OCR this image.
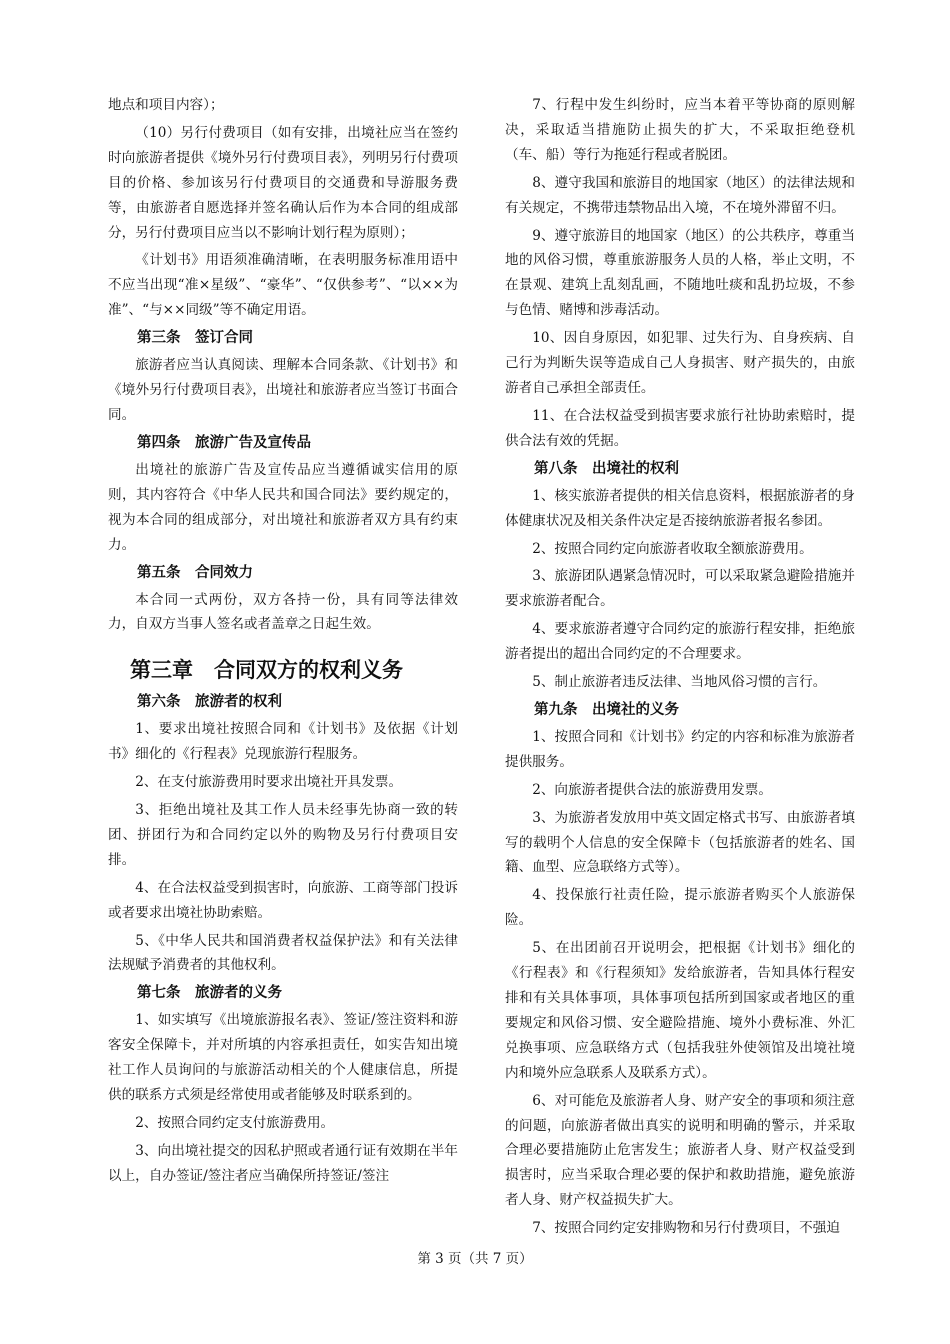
地点和项目内容）；

（10）另行付费项目（如有安排，出境社应当在签约时向旅游者提供《境外另行付费项目表》，列明另行付费项目的价格、参加该另行付费项目的交通费和导游服务费等，由旅游者自愿选择并签名确认后作为本合同的组成部分，另行付费项目应当以不影响计划行程为原则）；

《计划书》用语须准确清晰，在表明服务标准用语中不应当出现“准×星级”、“豪华”、“仅供参考”、“以××为准”、“与××同级”等不确定用语。

第三条　签订合同

旅游者应当认真阅读、理解本合同条款、《计划书》和《境外另行付费项目表》，出境社和旅游者应当签订书面合同。

第四条　旅游广告及宣传品

出境社的旅游广告及宣传品应当遵循诚实信用的原则，其内容符合《中华人民共和国合同法》要约规定的，视为本合同的组成部分，对出境社和旅游者双方具有约束力。

第五条　合同效力

本合同一式两份，双方各持一份，具有同等法律效力，自双方当事人签名或者盖章之日起生效。

第三章　合同双方的权利义务
第六条　旅游者的权利

1、要求出境社按照合同和《计划书》及依据《计划书》细化的《行程表》兑现旅游行程服务。

2、在支付旅游费用时要求出境社开具发票。

3、拒绝出境社及其工作人员未经事先协商一致的转团、拼团行为和合同约定以外的购物及另行付费项目安排。

4、在合法权益受到损害时，向旅游、工商等部门投诉或者要求出境社协助索赔。

5、《中华人民共和国消费者权益保护法》和有关法律法规赋予消费者的其他权利。

第七条　旅游者的义务

1、如实填写《出境旅游报名表》、签证/签注资料和游客安全保障卡，并对所填的内容承担责任，如实告知出境社工作人员询问的与旅游活动相关的个人健康信息，所提供的联系方式须是经常使用或者能够及时联系到的。

2、按照合同约定支付旅游费用。

3、向出境社提交的因私护照或者通行证有效期在半年以上，自办签证/签注者应当确保所持签证/签注

7、行程中发生纠纷时，应当本着平等协商的原则解决，采取适当措施防止损失的扩大，不采取拒绝登机（车、船）等行为拖延行程或者脱团。

8、遵守我国和旅游目的地国家（地区）的法律法规和有关规定，不携带违禁物品出入境，不在境外滞留不归。

9、遵守旅游目的地国家（地区）的公共秩序，尊重当地的风俗习惯，尊重旅游服务人员的人格，举止文明，不在景观、建筑上乱刻乱画，不随地吐痰和乱扔垃圾，不参与色情、赌博和涉毒活动。

10、因自身原因，如犯罪、过失行为、自身疾病、自己行为判断失误等造成自己人身损害、财产损失的，由旅游者自己承担全部责任。

11、在合法权益受到损害要求旅行社协助索赔时，提供合法有效的凭据。

第八条　出境社的权利

1、核实旅游者提供的相关信息资料，根据旅游者的身体健康状况及相关条件决定是否接纳旅游者报名参团。

2、按照合同约定向旅游者收取全额旅游费用。

3、旅游团队遇紧急情况时，可以采取紧急避险措施并要求旅游者配合。

4、要求旅游者遵守合同约定的旅游行程安排，拒绝旅游者提出的超出合同约定的不合理要求。

5、制止旅游者违反法律、当地风俗习惯的言行。

第九条　出境社的义务

1、按照合同和《计划书》约定的内容和标准为旅游者提供服务。

2、向旅游者提供合法的旅游费用发票。

3、为旅游者发放用中英文固定格式书写、由旅游者填写的载明个人信息的安全保障卡（包括旅游者的姓名、国籍、血型、应急联络方式等）。

4、投保旅行社责任险，提示旅游者购买个人旅游保险。

5、在出团前召开说明会，把根据《计划书》细化的《行程表》和《行程须知》发给旅游者，告知具体行程安排和有关具体事项，具体事项包括所到国家或者地区的重要规定和风俗习惯、安全避险措施、境外小费标准、外汇兑换事项、应急联络方式（包括我驻外使领馆及出境社境内和境外应急联系人及联系方式）。

6、对可能危及旅游者人身、财产安全的事项和须注意的问题，向旅游者做出真实的说明和明确的警示，并采取合理必要措施防止危害发生；旅游者人身、财产权益受到损害时，应当采取合理必要的保护和救助措施，避免旅游者人身、财产权益损失扩大。

7、按照合同约定安排购物和另行付费项目，不强迫

第 3 页（共 7 页）
